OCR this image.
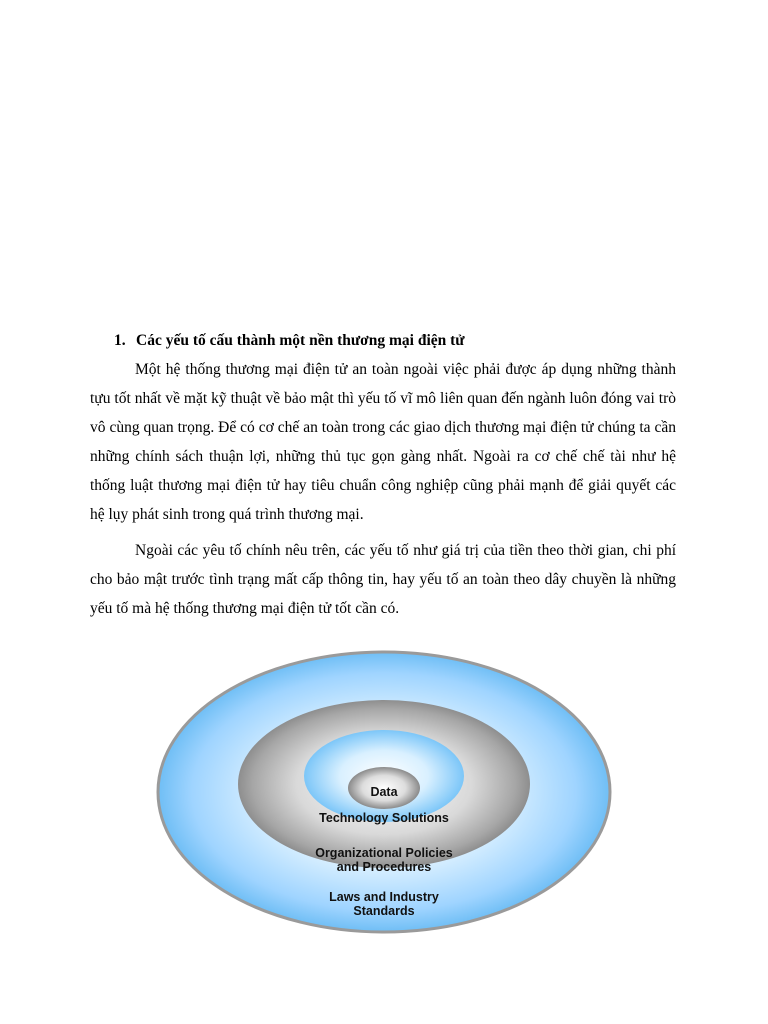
1. Các yếu tố cấu thành một nền thương mại điện tử

Một hệ thống thương mại điện tử an toàn ngoài việc phải được áp dụng những thành tựu tốt nhất về mặt kỹ thuật về bảo mật thì yếu tố vĩ mô liên quan đến ngành luôn đóng vai trò vô cùng quan trọng. Để có cơ chế an toàn trong các giao dịch thương mại điện tử chúng ta cần những chính sách thuận lợi, những thủ tục gọn gàng nhất. Ngoài ra cơ chế chế tài như hệ thống luật thương mại điện tử hay tiêu chuẩn công nghiệp cũng phải mạnh để giải quyết các hệ lụy phát sinh trong quá trình thương mại.

Ngoài các yêu tố chính nêu trên, các yếu tố như giá trị của tiền theo thời gian, chi phí cho bảo mật trước tình trạng mất cấp thông tin, hay yếu tố an toàn theo dây chuyền là những yếu tố mà hệ thống thương mại điện tử tốt cần có.

Data
Technology Solutions
Organizational Policies
and Procedures
Laws and Industry
Standards
